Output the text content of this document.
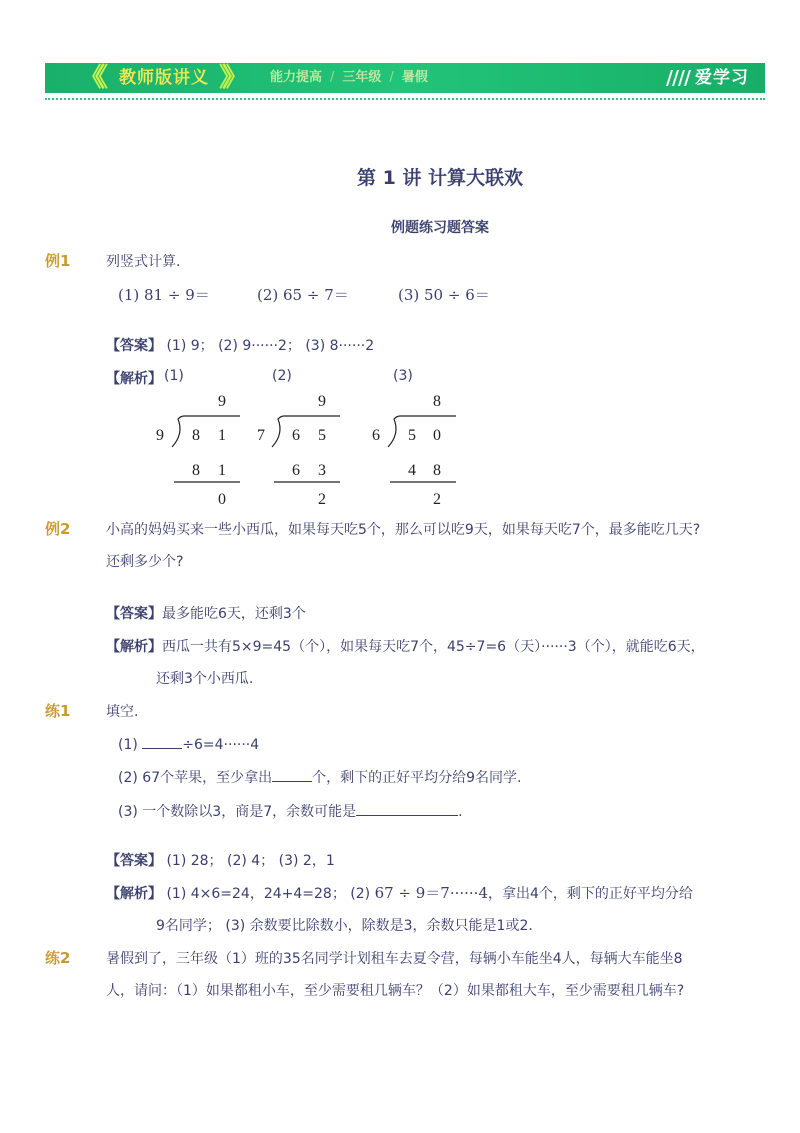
《《 教师版讲义 》》 能力提高 / 三年级 / 暑假	爱学习
第 1 讲 计算大联欢
例题练习题答案
例1	列竖式计算.
(1) 81 ÷ 9＝	(2) 65 ÷ 7＝	(3) 50 ÷ 6＝
【答案】 (1) 9； (2) 9······2； (3) 8······2
【解析】 (1)	(2)	(3)
9
9 8 1
8 1
0
9
7 6 5
6 3
2
8
6 5 0
4 8
2
例2	小高的妈妈买来一些小西瓜，如果每天吃5个，那么可以吃9天，如果每天吃7个，最多能吃几天?
还剩多少个?
【答案】最多能吃6天，还剩3个
【解析】西瓜一共有5×9=45（个），如果每天吃7个，45÷7=6（天）······3（个），就能吃6天，
还剩3个小西瓜.
练1	填空.
(1)	÷6=4······4
(2) 67个苹果，至少拿出	个，剩下的正好平均分给9名同学.
(3) 一个数除以3，商是7，余数可能是	.
【答案】 (1) 28； (2) 4； (3) 2，1
【解析】 (1) 4×6=24，24+4=28； (2) 67 ÷ 9＝7······4，拿出4个，剩下的正好平均分给
9名同学； (3) 余数要比除数小，除数是3，余数只能是1或2.
练2	暑假到了，三年级（1）班的35名同学计划租车去夏令营，每辆小车能坐4人，每辆大车能坐8
人，请问：（1）如果都租小车，至少需要租几辆车？（2）如果都租大车，至少需要租几辆车?
